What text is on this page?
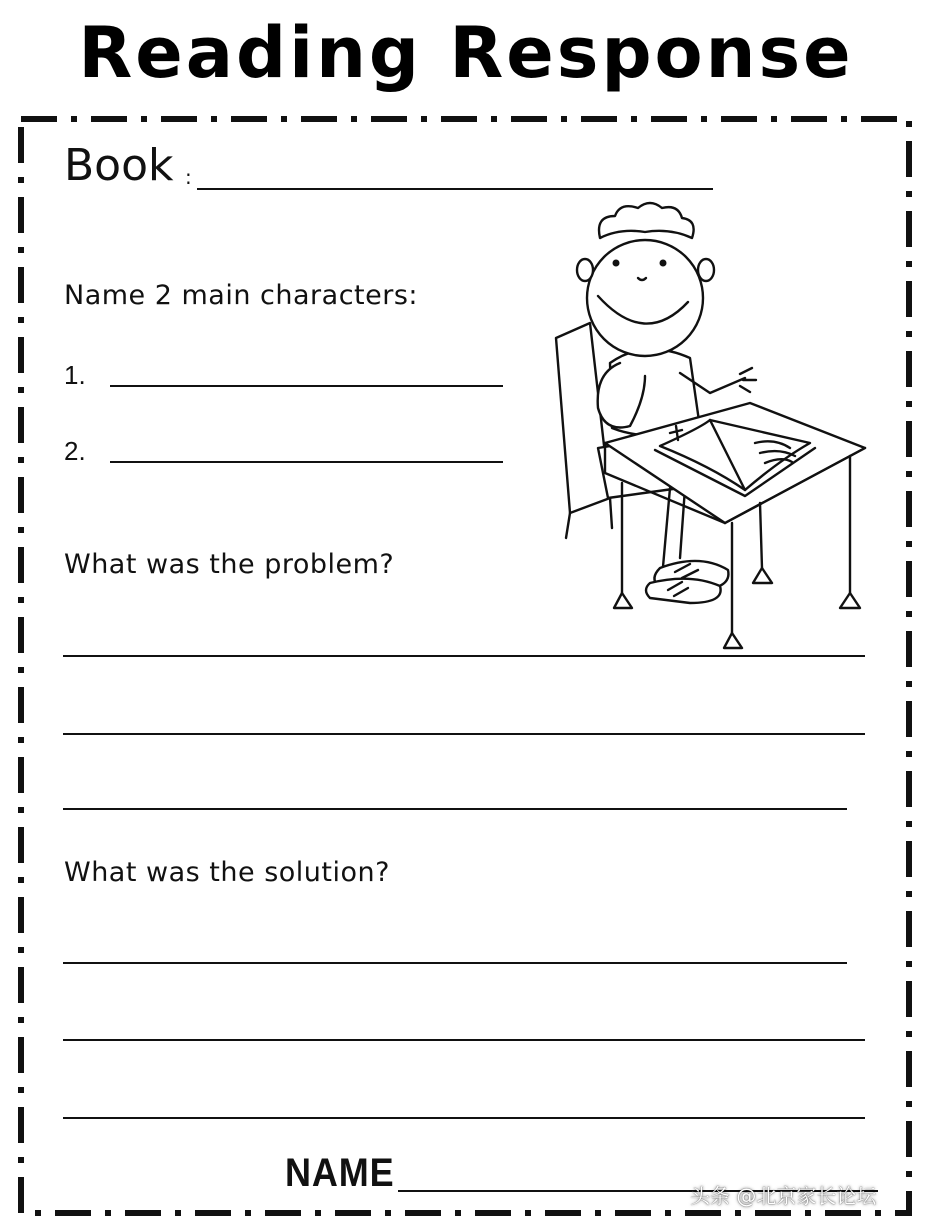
Reading Response
Book :
Name 2 main characters:
1.
2.
What was the problem?
What was the solution?
NAME
头条 @北京家长论坛
